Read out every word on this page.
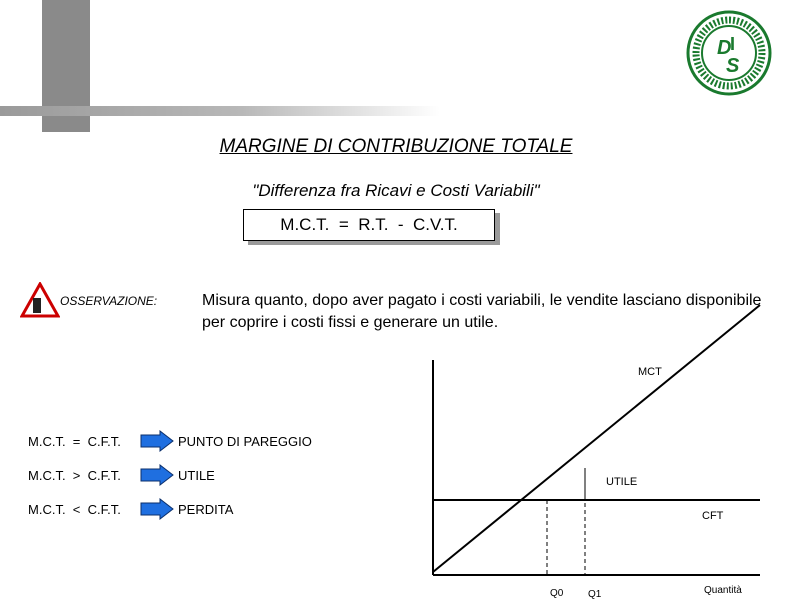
D
I
S
MARGINE DI CONTRIBUZIONE TOTALE
"Differenza fra Ricavi e Costi Variabili"
M.C.T.  =  R.T.  -  C.V.T.
OSSERVAZIONE:	Misura quanto, dopo aver pagato i costi variabili, le vendite lasciano disponibile per coprire i costi fissi e generare un utile.
M.C.T.  =  C.F.T.	PUNTO DI PAREGGIO
M.C.T.  >  C.F.T.	UTILE
M.C.T.  <  C.F.T.	PERDITA
MCT
CFT
UTILE
Q0 Q1	Quantità
